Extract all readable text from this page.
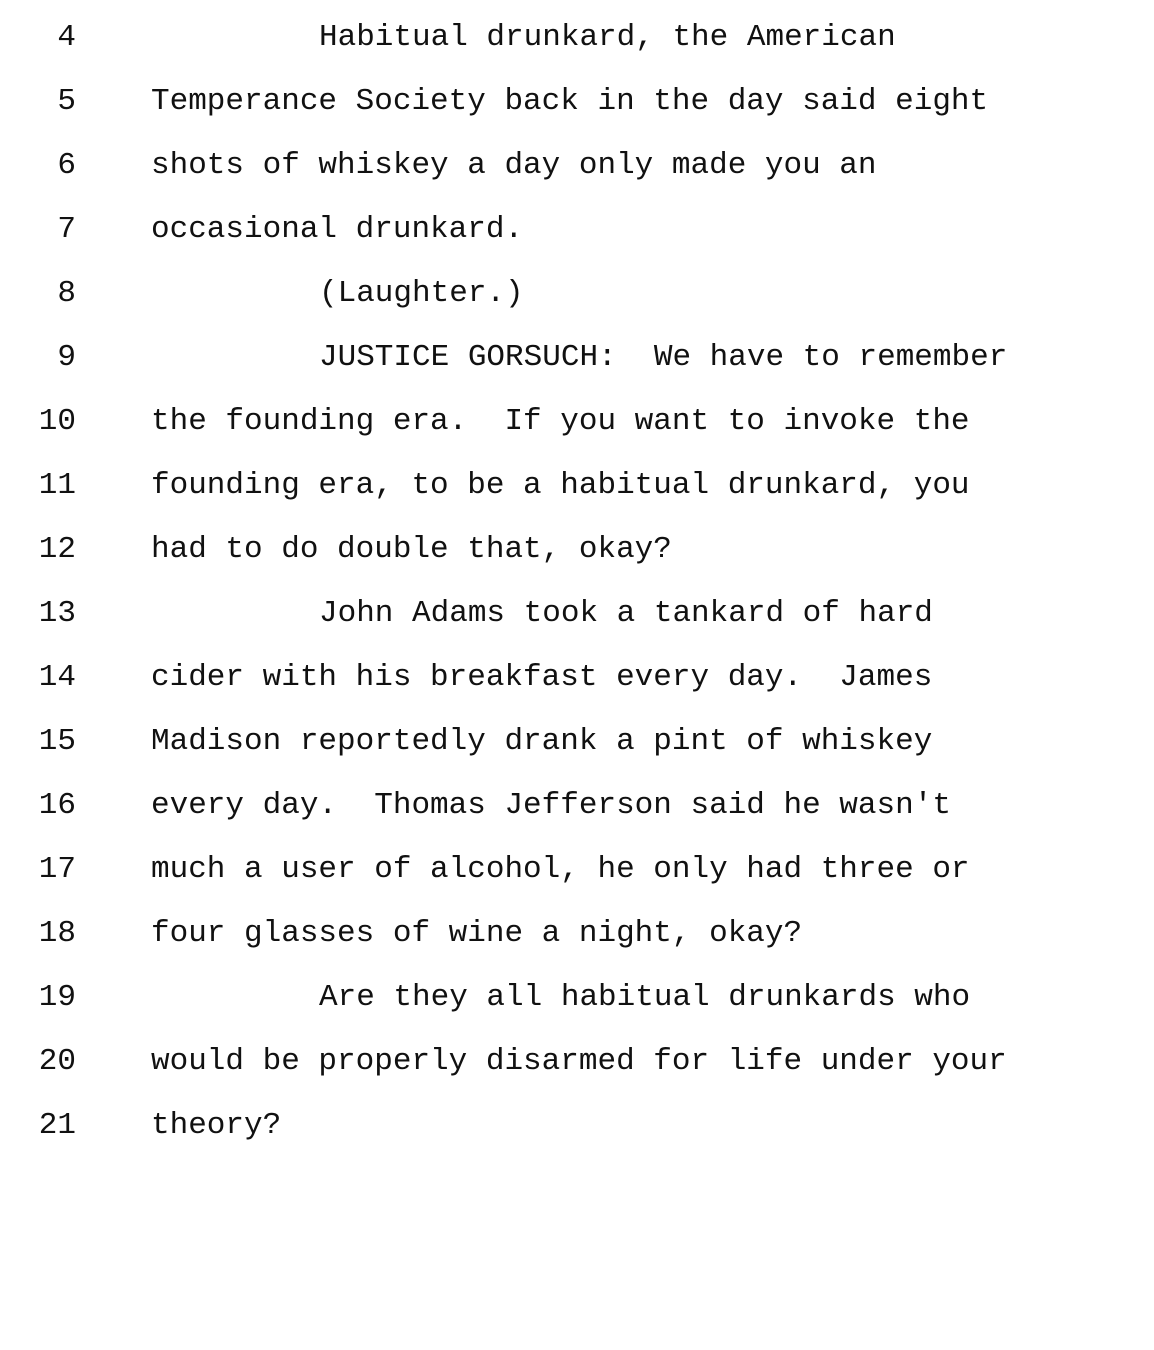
4

	Habitual drunkard, the American

5

Temperance Society back in the day said eight

6

shots of whiskey a day only made you an

7

occasional drunkard.

8

	(Laughter.)

9

	JUSTICE GORSUCH:  We have to remember

10

the founding era.  If you want to invoke the

11

founding era, to be a habitual drunkard, you

12

had to do double that, okay?

13

	John Adams took a tankard of hard

14

cider with his breakfast every day.  James

15

Madison reportedly drank a pint of whiskey

16

every day.  Thomas Jefferson said he wasn't

17

much a user of alcohol, he only had three or

18

four glasses of wine a night, okay?

19

	Are they all habitual drunkards who

20

would be properly disarmed for life under your

21

theory?
